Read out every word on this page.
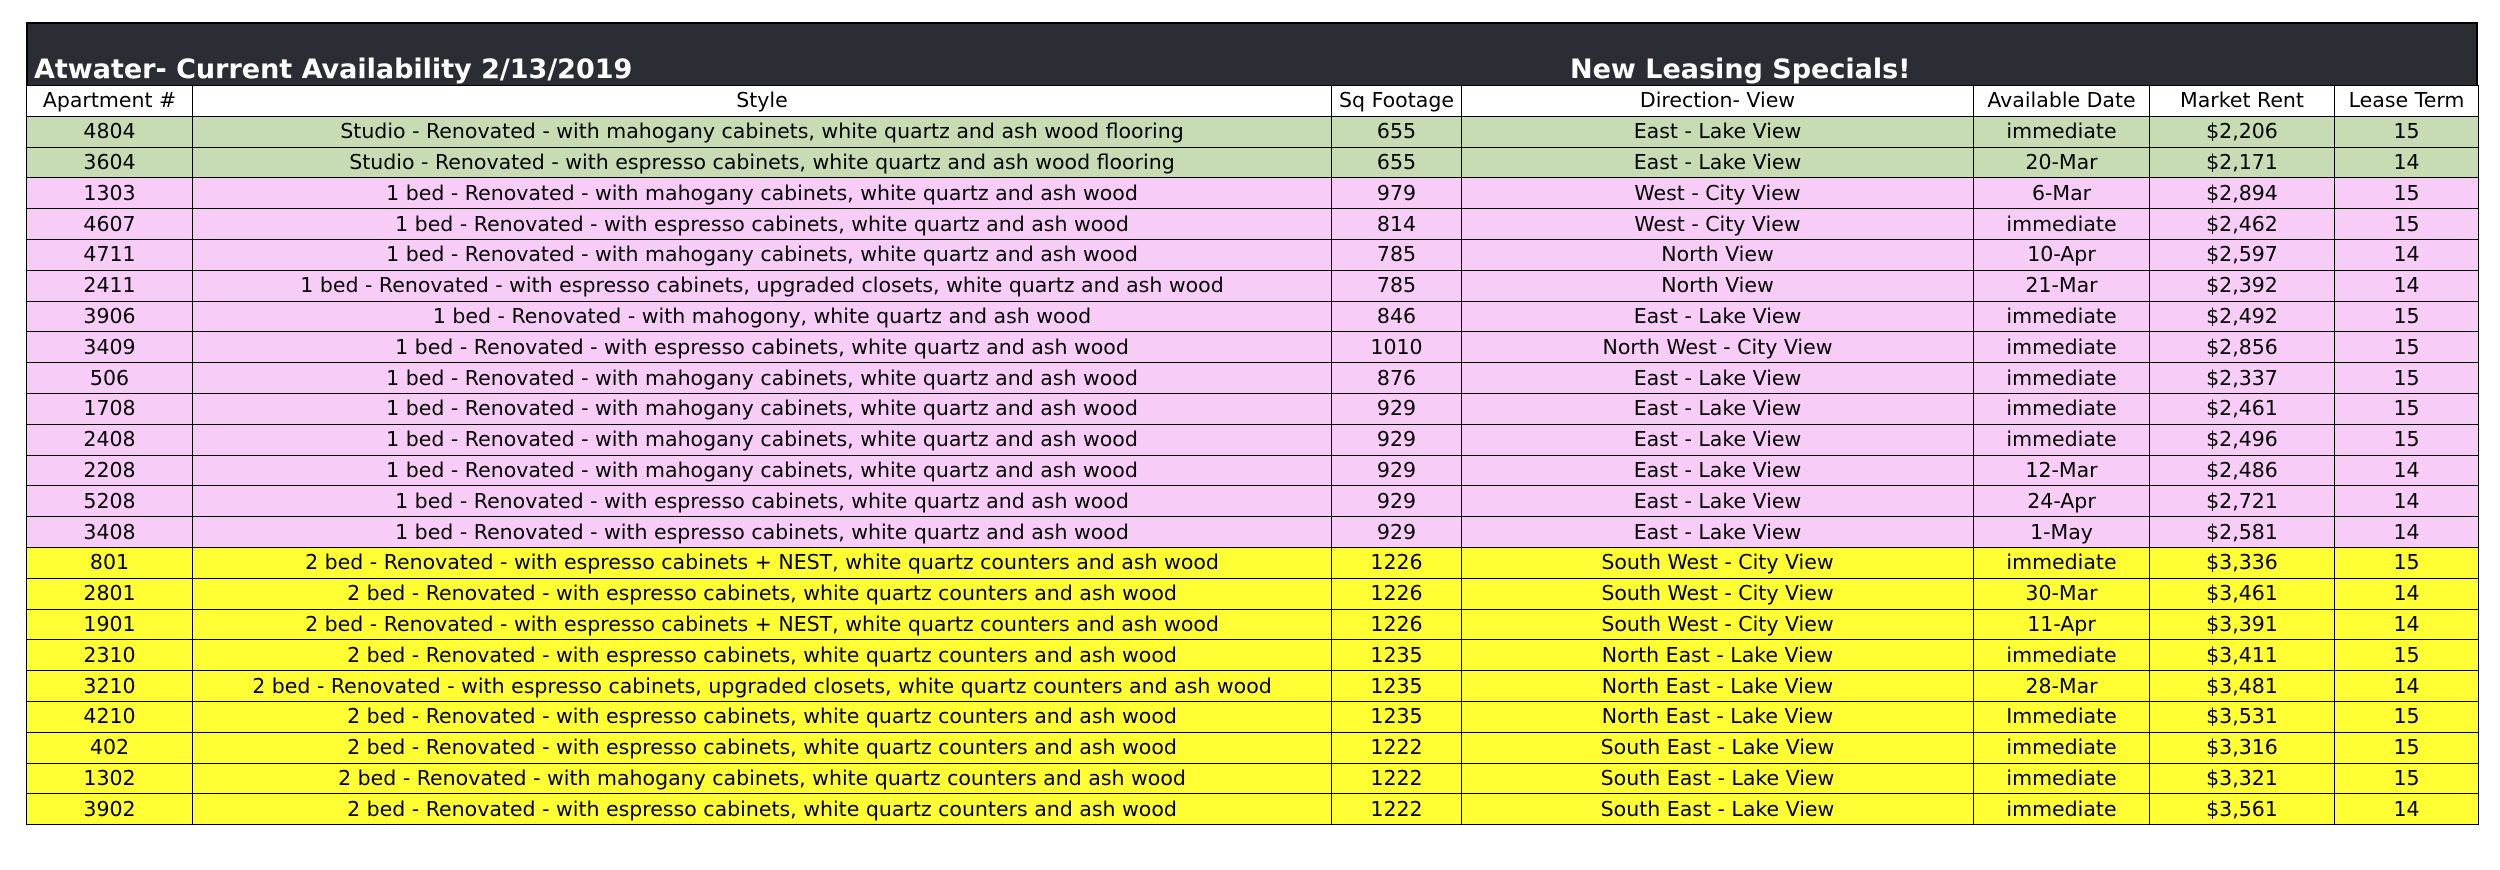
Atwater- Current Availability 2/13/2019	New Leasing Specials!
Apartment #	Style	Sq Footage	Direction- View	Available Date	Market Rent	Lease Term
4804	Studio - Renovated - with mahogany cabinets, white quartz and ash wood flooring	655	East - Lake View	immediate	$2,206	15
3604	Studio - Renovated - with espresso cabinets, white quartz and ash wood flooring	655	East - Lake View	20-Mar	$2,171	14
1303	1 bed - Renovated - with mahogany cabinets, white quartz and ash wood	979	West - City View	6-Mar	$2,894	15
4607	1 bed - Renovated - with espresso cabinets, white quartz and ash wood	814	West - City View	immediate	$2,462	15
4711	1 bed - Renovated - with mahogany cabinets, white quartz and ash wood	785	North View	10-Apr	$2,597	14
2411	1 bed - Renovated - with espresso cabinets, upgraded closets, white quartz and ash wood	785	North View	21-Mar	$2,392	14
3906	1 bed - Renovated - with mahogony, white quartz and ash wood	846	East - Lake View	immediate	$2,492	15
3409	1 bed - Renovated - with espresso cabinets, white quartz and ash wood	1010	North West - City View	immediate	$2,856	15
506	1 bed - Renovated - with mahogany cabinets, white quartz and ash wood	876	East - Lake View	immediate	$2,337	15
1708	1 bed - Renovated - with mahogany cabinets, white quartz and ash wood	929	East - Lake View	immediate	$2,461	15
2408	1 bed - Renovated - with mahogany cabinets, white quartz and ash wood	929	East - Lake View	immediate	$2,496	15
2208	1 bed - Renovated - with mahogany cabinets, white quartz and ash wood	929	East - Lake View	12-Mar	$2,486	14
5208	1 bed - Renovated - with espresso cabinets, white quartz and ash wood	929	East - Lake View	24-Apr	$2,721	14
3408	1 bed - Renovated - with espresso cabinets, white quartz and ash wood	929	East - Lake View	1-May	$2,581	14
801	2 bed - Renovated - with espresso cabinets + NEST, white quartz counters and ash wood	1226	South West - City View	immediate	$3,336	15
2801	2 bed - Renovated - with espresso cabinets, white quartz counters and ash wood	1226	South West - City View	30-Mar	$3,461	14
1901	2 bed - Renovated - with espresso cabinets + NEST, white quartz counters and ash wood	1226	South West - City View	11-Apr	$3,391	14
2310	2 bed - Renovated - with espresso cabinets, white quartz counters and ash wood	1235	North East - Lake View	immediate	$3,411	15
3210	2 bed - Renovated - with espresso cabinets, upgraded closets, white quartz counters and ash wood	1235	North East - Lake View	28-Mar	$3,481	14
4210	2 bed - Renovated - with espresso cabinets, white quartz counters and ash wood	1235	North East - Lake View	Immediate	$3,531	15
402	2 bed - Renovated - with espresso cabinets, white quartz counters and ash wood	1222	South East - Lake View	immediate	$3,316	15
1302	2 bed - Renovated - with mahogany cabinets, white quartz counters and ash wood	1222	South East - Lake View	immediate	$3,321	15
3902	2 bed - Renovated - with espresso cabinets, white quartz counters and ash wood	1222	South East - Lake View	immediate	$3,561	14
